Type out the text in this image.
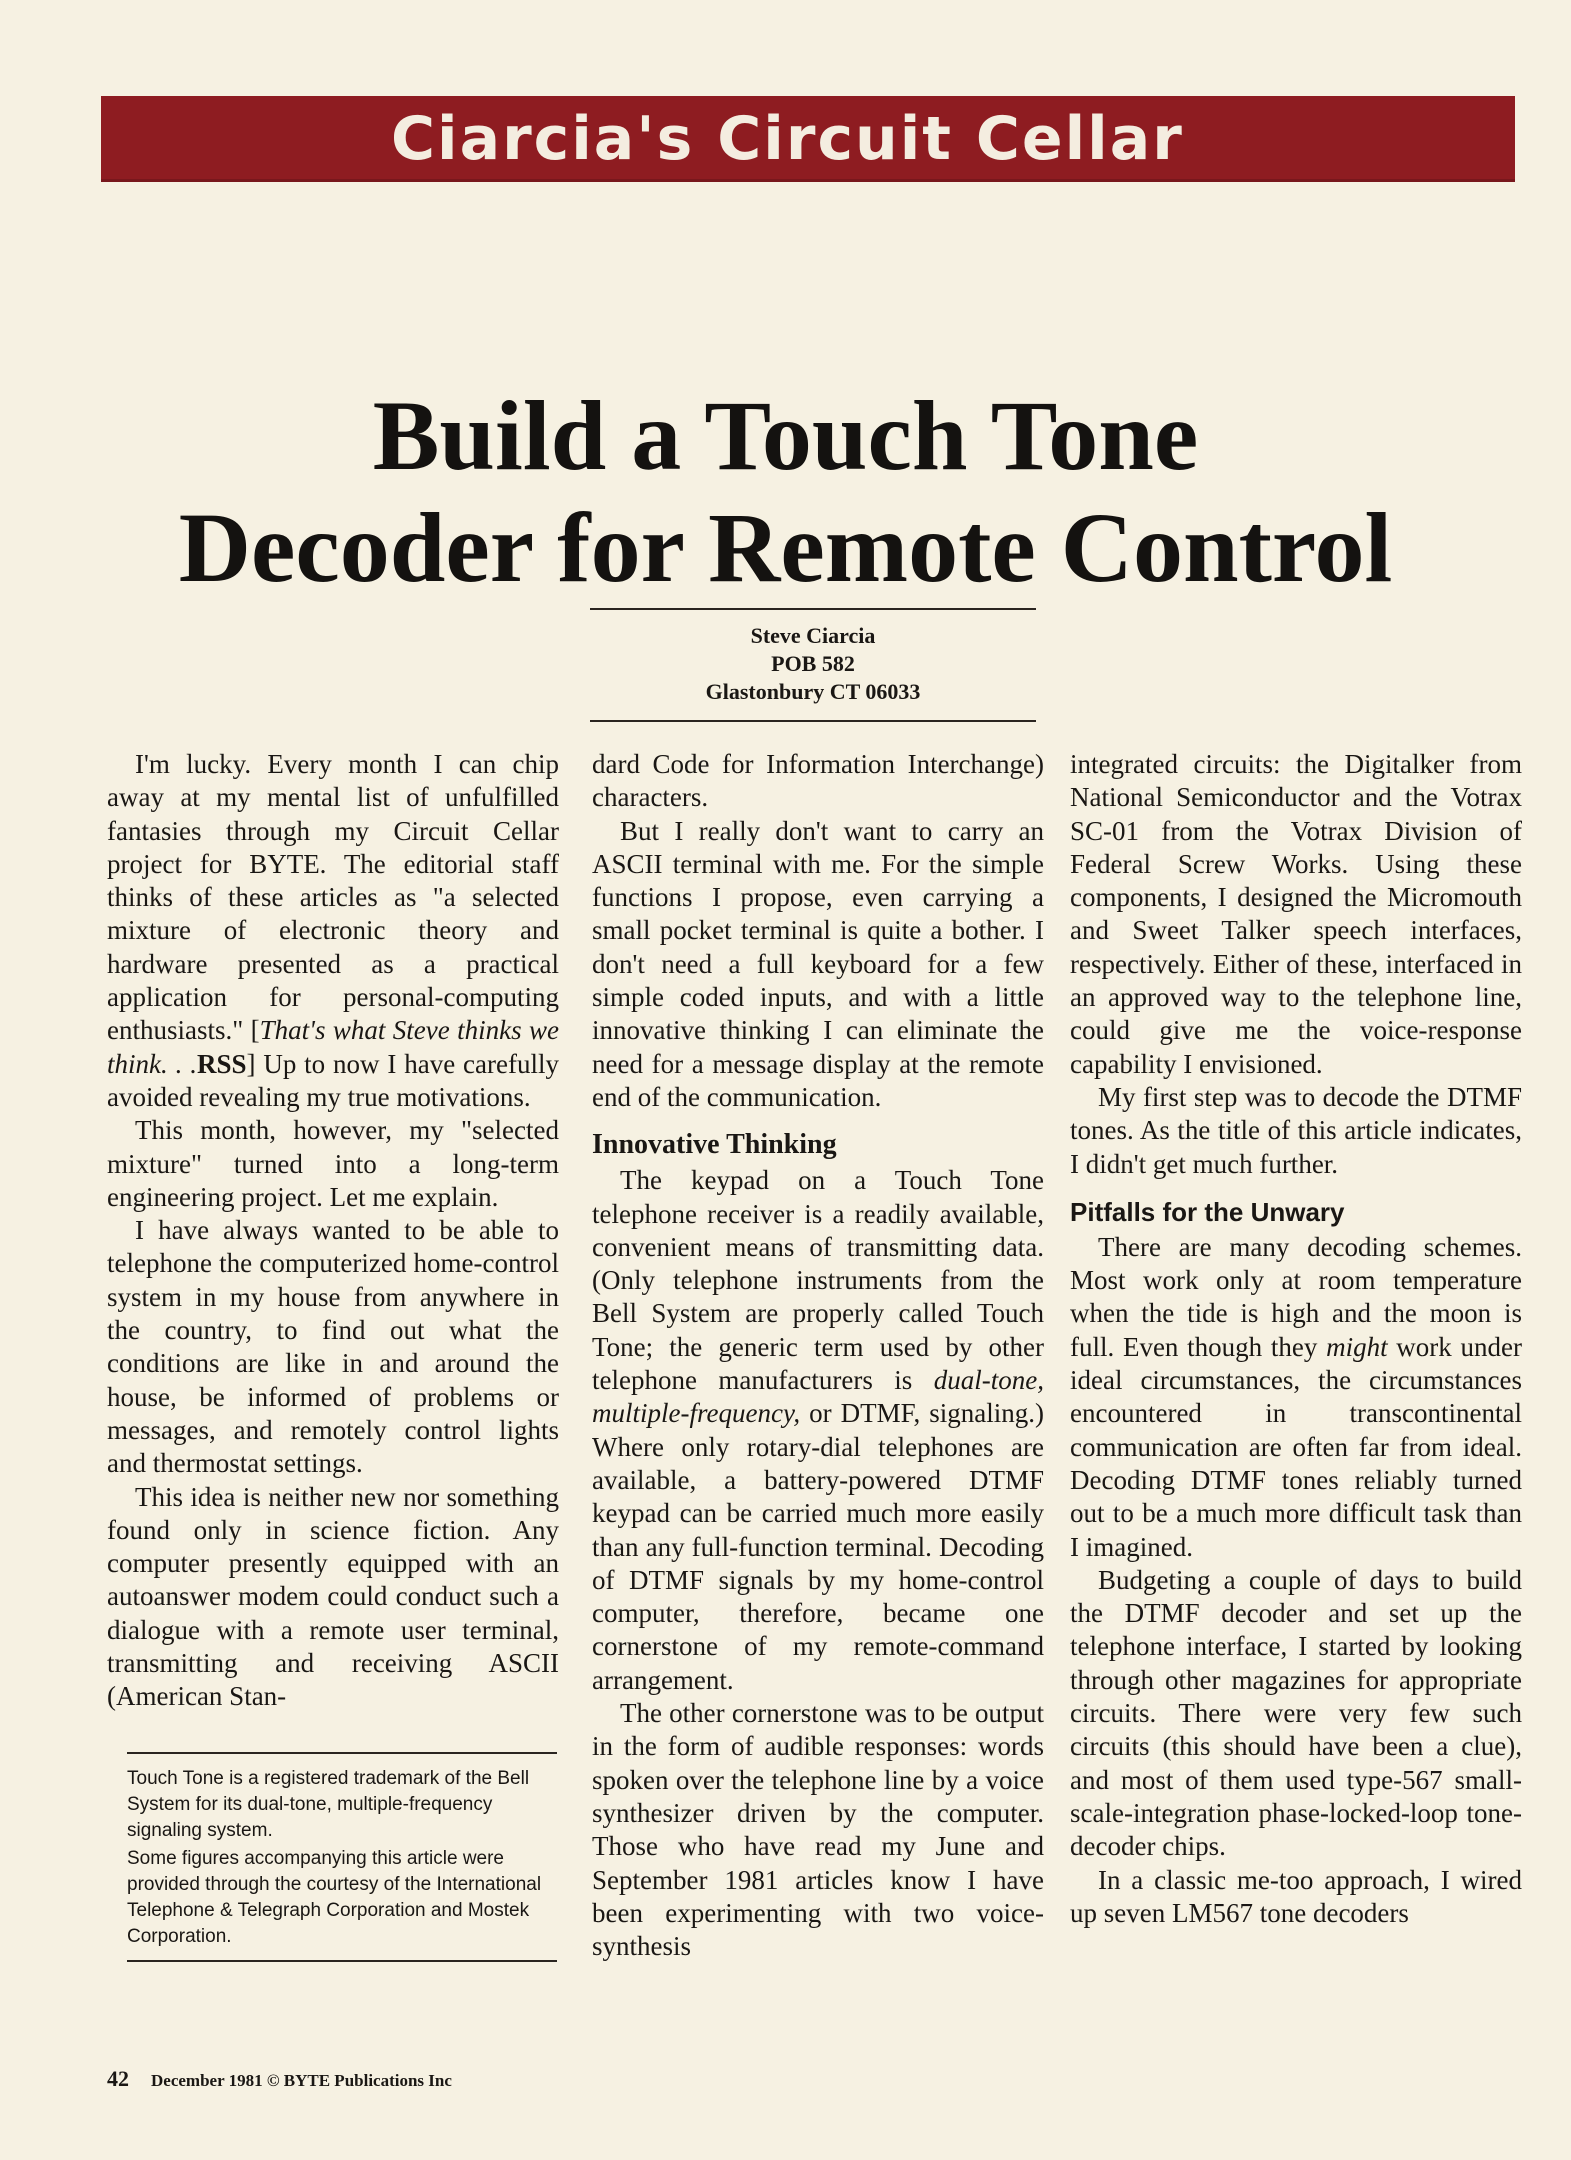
Ciarcia's Circuit Cellar
Build a Touch Tone
Decoder for Remote Control
Steve Ciarcia
POB 582
Glastonbury CT 06033

I'm lucky. Every month I can chip away at my mental list of unfulfilled fantasies through my Circuit Cellar project for BYTE. The editorial staff thinks of these articles as "a selected mixture of electronic theory and hardware presented as a practical application for personal-computing enthusiasts." [That's what Steve thinks we think. . .RSS] Up to now I have carefully avoided revealing my true motivations.

This month, however, my "selected mixture" turned into a long-term engineering project. Let me explain.

I have always wanted to be able to telephone the computerized home-control system in my house from anywhere in the country, to find out what the conditions are like in and around the house, be informed of problems or messages, and remotely control lights and thermostat settings.

This idea is neither new nor something found only in science fiction. Any computer presently equipped with an autoanswer modem could conduct such a dialogue with a remote user terminal, transmitting and receiving ASCII (American Stan-

Touch Tone is a registered trademark of the Bell System for its dual-tone, multiple-frequency signaling system.

Some figures accompanying this article were provided through the courtesy of the International Telephone & Telegraph Corporation and Mostek Corporation.

dard Code for Information Interchange) characters.

But I really don't want to carry an ASCII terminal with me. For the simple functions I propose, even carrying a small pocket terminal is quite a bother. I don't need a full keyboard for a few simple coded inputs, and with a little innovative thinking I can eliminate the need for a message display at the remote end of the communication.

Innovative Thinking

The keypad on a Touch Tone telephone receiver is a readily available, convenient means of transmitting data. (Only telephone instruments from the Bell System are properly called Touch Tone; the generic term used by other telephone manufacturers is dual-tone, multiple-frequency, or DTMF, signaling.) Where only rotary-dial telephones are available, a battery-powered DTMF keypad can be carried much more easily than any full-function terminal. Decoding of DTMF signals by my home-control computer, therefore, became one cornerstone of my remote-command arrangement.

The other cornerstone was to be output in the form of audible responses: words spoken over the telephone line by a voice synthesizer driven by the computer. Those who have read my June and September 1981 articles know I have been experimenting with two voice-synthesis

integrated circuits: the Digitalker from National Semiconductor and the Votrax SC-01 from the Votrax Division of Federal Screw Works. Using these components, I designed the Micromouth and Sweet Talker speech interfaces, respectively. Either of these, interfaced in an approved way to the telephone line, could give me the voice-response capability I envisioned.

My first step was to decode the DTMF tones. As the title of this article indicates, I didn't get much further.

Pitfalls for the Unwary

There are many decoding schemes. Most work only at room temperature when the tide is high and the moon is full. Even though they might work under ideal circumstances, the circumstances encountered in transcontinental communication are often far from ideal. Decoding DTMF tones reliably turned out to be a much more difficult task than I imagined.

Budgeting a couple of days to build the DTMF decoder and set up the telephone interface, I started by looking through other magazines for appropriate circuits. There were very few such circuits (this should have been a clue), and most of them used type-567 small-scale-integration phase-locked-loop tone-decoder chips.

In a classic me-too approach, I wired up seven LM567 tone decoders

42 December 1981 © BYTE Publications Inc
